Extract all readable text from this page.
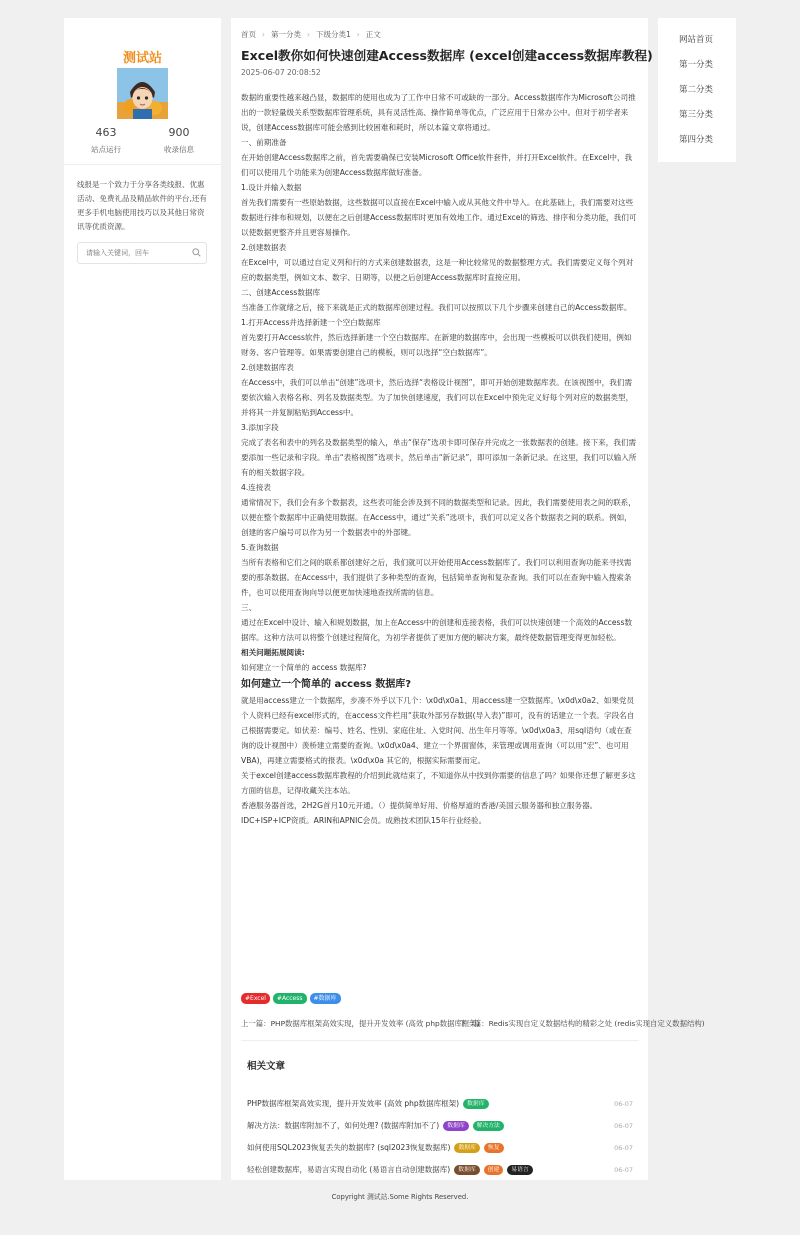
测试站
463
站点运行
900
收录信息
线报是一个致力于分享各类线报、优惠活动、免费礼品及精品软件的平台,还有更多手机电脑使用技巧以及其他日常资讯等优质资源。
请输入关键词，回车
首页 › 第一分类 › 下级分类1 › 正文
Excel教你如何快速创建Access数据库 (excel创建access数据库教程)
2025-06-07 20:08:52

数据的重要性越来越凸显，数据库的使用也成为了工作中日常不可或缺的一部分。Access数据库作为Microsoft公司推出的一款轻量级关系型数据库管理系统，具有灵活性高、操作简单等优点，广泛应用于日常办公中。但对于初学者来说，创建Access数据库可能会感到比较困难和耗时，所以本篇文章将通过。

一、前期准备

在开始创建Access数据库之前，首先需要确保已安装Microsoft Office软件套件，并打开Excel软件。在Excel中，我们可以使用几个功能来为创建Access数据库做好准备。

1.设计并输入数据

首先我们需要有一些原始数据，这些数据可以直接在Excel中输入或从其他文件中导入。在此基础上，我们需要对这些数据进行排布和规划，以便在之后创建Access数据库时更加有效地工作。通过Excel的筛选、排序和分类功能，我们可以使数据更整齐并且更容易操作。

2.创建数据表

在Excel中，可以通过自定义列和行的方式来创建数据表，这是一种比较常见的数据整理方式。我们需要定义每个列对应的数据类型，例如文本、数字、日期等，以便之后创建Access数据库时直接应用。

二、创建Access数据库

当准备工作就绪之后，接下来就是正式的数据库创建过程。我们可以按照以下几个步骤来创建自己的Access数据库。

1.打开Access并选择新建一个空白数据库

首先要打开Access软件，然后选择新建一个空白数据库。在新建的数据库中，会出现一些模板可以供我们使用，例如财务、客户管理等。如果需要创建自己的模板，则可以选择“空白数据库”。

2.创建数据库表

在Access中，我们可以单击“创建”选项卡，然后选择“表格设计视图”，即可开始创建数据库表。在该视图中，我们需要依次输入表格名称、列名及数据类型。为了加快创建速度，我们可以在Excel中预先定义好每个列对应的数据类型，并将其一并复制粘贴到Access中。

3.添加字段

完成了表名和表中的列名及数据类型的输入，单击“保存”选项卡即可保存并完成之一张数据表的创建。接下来，我们需要添加一些记录和字段。单击“表格视图”选项卡，然后单击“新记录”，即可添加一条新记录。在这里，我们可以输入所有的相关数据字段。

4.连接表

通常情况下，我们会有多个数据表，这些表可能会涉及到不同的数据类型和记录。因此，我们需要使用表之间的联系，以便在整个数据库中正确使用数据。在Access中，通过“关系”选项卡，我们可以定义各个数据表之间的联系。例如，创建的客户编号可以作为另一个数据表中的外部键。

5.查询数据

当所有表格和它们之间的联系都创建好之后，我们就可以开始使用Access数据库了。我们可以利用查询功能来寻找需要的那条数据。在Access中，我们提供了多种类型的查询，包括简单查询和复杂查询。我们可以在查询中输入搜索条件，也可以使用查询向导以便更加快速地查找所需的信息。

三、

通过在Excel中设计、输入和规划数据，加上在Access中的创建和连接表格，我们可以快速创建一个高效的Access数据库。这种方法可以将整个创建过程简化，为初学者提供了更加方便的解决方案，最终使数据管理变得更加轻松。

相关问题拓展阅读:

如何建立一个简单的 access 数据库?

如何建立一个简单的 access 数据库?

就是用access建立一个数据库，步凑不外乎以下几个：\x0d\x0a1、用access建一空数据库。\x0d\x0a2、如果党员个人资料已经有excel形式的，在access文件栏用“获取外部另存数据(导入表)”即可，没有的话建立一个表。字段名自己根据需要定。如伏差：编号、姓名、性别、家庭住址、入党时间、出生年月等等。\x0d\x0a3、用sql语句（或在查询的设计视图中）羡桥建立需要的查询。\x0d\x0a4、建立一个界面窗体，来管理或调用查询（可以用“宏”、也可用VBA)，再建立需要格式的报表。\x0d\x0a 其它的，根据实际需要而定。

关于excel创建access数据库教程的介绍到此就结束了，不知道你从中找到你需要的信息了吗？如果你还想了解更多这方面的信息，记得收藏关注本站。

香港服务器首选，2H2G首月10元开通。（）提供简单好用、价格厚道的香港/美国云服务器和独立服务器。IDC+ISP+ICP资质。ARIN和APNIC会员。成熟技术团队15年行业经验。

#Excel #Access #数据库
上一篇：PHP数据库框架高效实现，提升开发效率 (高效 php数据库框架)
下一篇：Redis实现自定义数据结构的精彩之处 (redis实现自定义数据结构)
相关文章
PHP数据库框架高效实现，提升开发效率 (高效 php数据库框架) 数据库	06-07
解决方法：数据库附加不了，如何处理? (数据库附加不了) 数据库 解决方法	06-07
如何使用SQL2023恢复丢失的数据库? (sql2023恢复数据库) 数据库 恢复	06-07
轻松创建数据库，易语言实现自动化 (易语言自动创建数据库) 数据库 创建 易语言	06-07
网站首页
第一分类
第二分类
第三分类
第四分类
Copyright 测试站.Some Rights Reserved.
